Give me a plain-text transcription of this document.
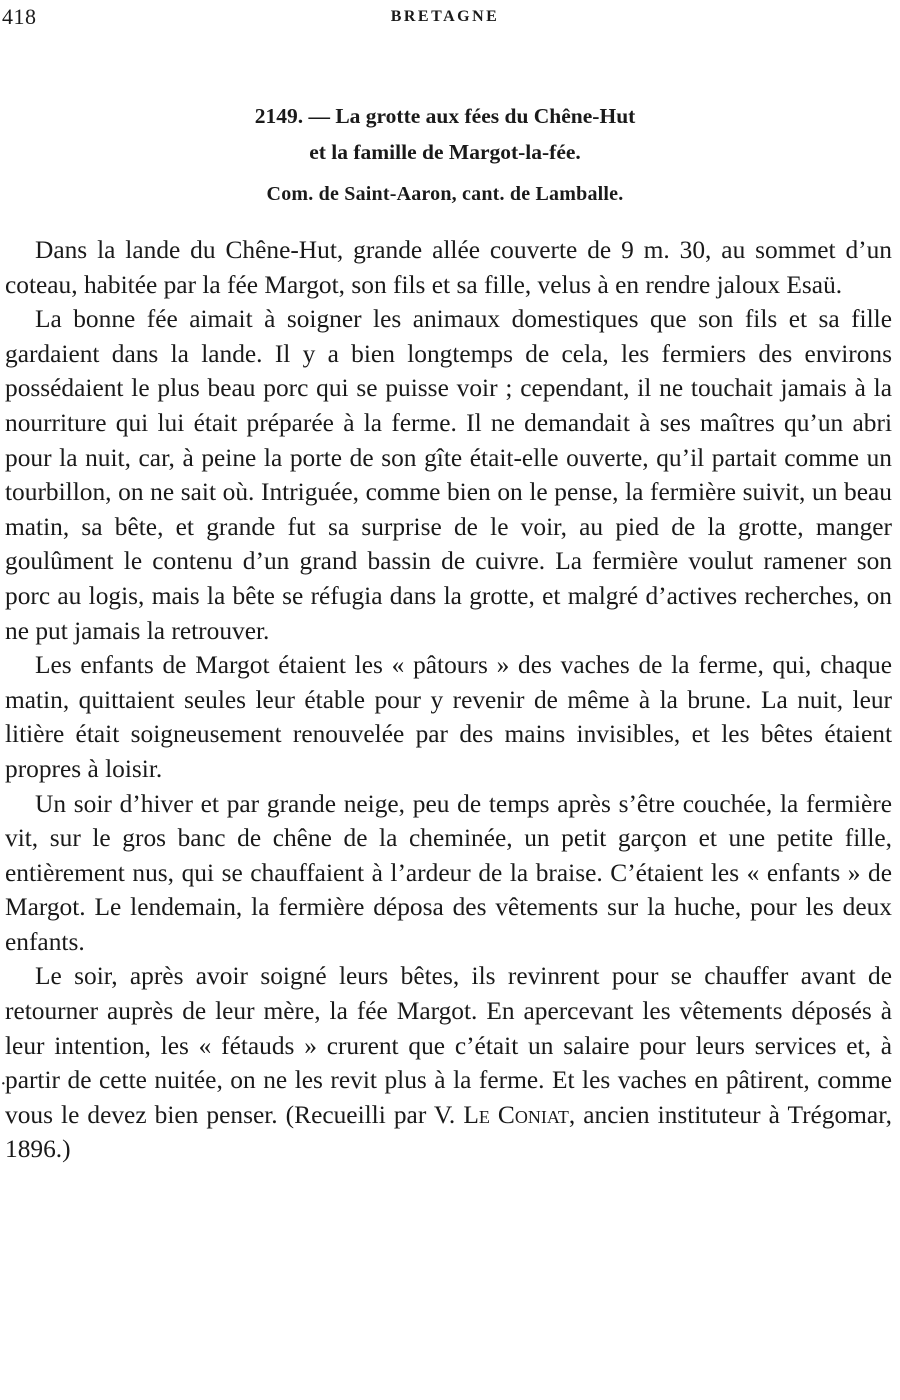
418	BRETAGNE
2149. — La grotte aux fées du Chêne-Hut
et la famille de Margot-la-fée.
Com. de Saint-Aaron, cant. de Lamballe.

Dans la lande du Chêne-Hut, grande allée couverte de 9 m. 30, au sommet d’un coteau, habitée par la fée Margot, son fils et sa fille, velus à en rendre jaloux Esaü.

La bonne fée aimait à soigner les animaux domestiques que son fils et sa fille gardaient dans la lande. Il y a bien longtemps de cela, les fermiers des environs possédaient le plus beau porc qui se puisse voir ; cependant, il ne touchait jamais à la nourriture qui lui était préparée à la ferme. Il ne demandait à ses maîtres qu’un abri pour la nuit, car, à peine la porte de son gîte était-elle ouverte, qu’il partait comme un tourbillon, on ne sait où. Intriguée, comme bien on le pense, la fermière suivit, un beau matin, sa bête, et grande fut sa surprise de le voir, au pied de la grotte, manger goulûment le contenu d’un grand bassin de cuivre. La fermière voulut ramener son porc au logis, mais la bête se réfugia dans la grotte, et malgré d’actives recherches, on ne put jamais la retrouver.

Les enfants de Margot étaient les « pâtours » des vaches de la ferme, qui, chaque matin, quittaient seules leur étable pour y revenir de même à la brune. La nuit, leur litière était soigneusement renouvelée par des mains invisibles, et les bêtes étaient propres à loisir.

Un soir d’hiver et par grande neige, peu de temps après s’être couchée, la fermière vit, sur le gros banc de chêne de la cheminée, un petit garçon et une petite fille, entièrement nus, qui se chauffaient à l’ardeur de la braise. C’étaient les « enfants » de Margot. Le lendemain, la fermière déposa des vêtements sur la huche, pour les deux enfants.

Le soir, après avoir soigné leurs bêtes, ils revinrent pour se chauffer avant de retourner auprès de leur mère, la fée Margot. En apercevant les vêtements déposés à leur intention, les « fétauds » crurent que c’était un salaire pour leurs services et, à partir de cette nuitée, on ne les revit plus à la ferme. Et les vaches en pâtirent, comme vous le devez bien penser. (Recueilli par V. Le Coniat, ancien instituteur à Trégomar, 1896.)

·
